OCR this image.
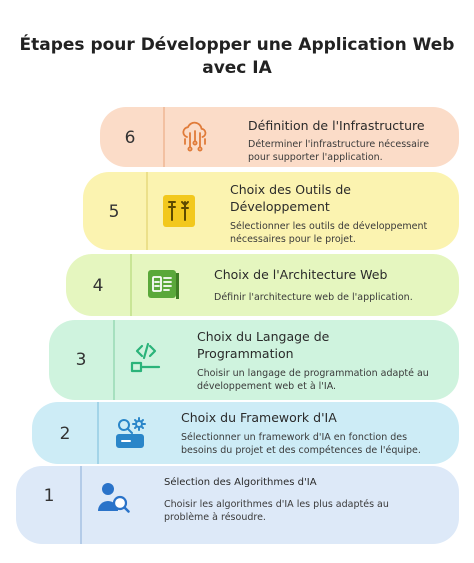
Étapes pour Développer une Application Web
avec IA
6
Définition de l'Infrastructure
Déterminer l'infrastructure nécessaire
pour supporter l'application.
5
Choix des Outils de
Développement
Sélectionner les outils de développement
nécessaires pour le projet.
4
Choix de l'Architecture Web
Définir l'architecture web de l'application.
3
Choix du Langage de
Programmation
Choisir un langage de programmation adapté au
développement web et à l'IA.
2
Choix du Framework d'IA
Sélectionner un framework d'IA en fonction des
besoins du projet et des compétences de l'équipe.
1
Sélection des Algorithmes d'IA
Choisir les algorithmes d'IA les plus adaptés au
problème à résoudre.
